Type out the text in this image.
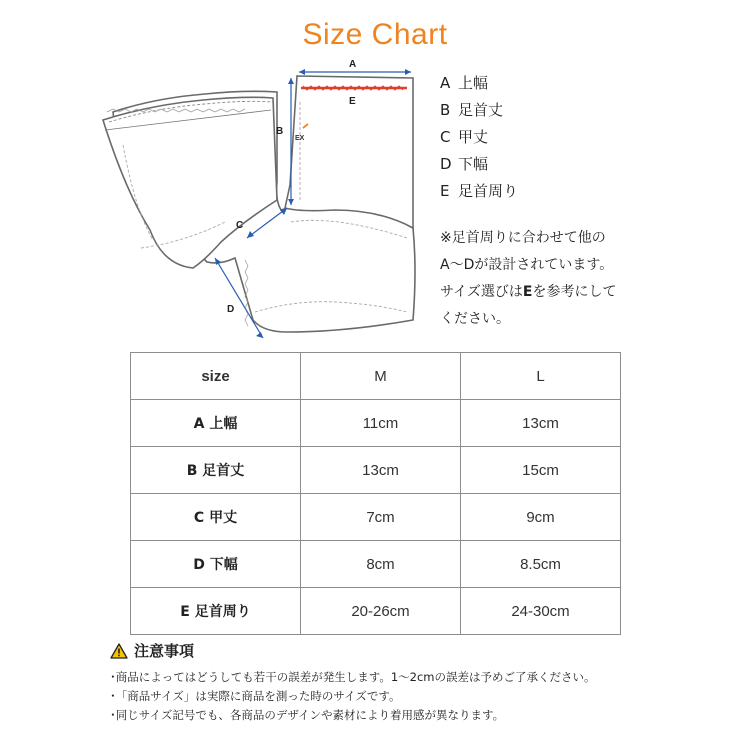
Size Chart
A
E
B
C
D
EX
A 上幅
B 足首丈
C 甲丈
D 下幅
E 足首周り
※足首周りに合わせて他の
A〜Dが設計されています。
サイズ選びはEを参考にして
ください。
size	M	L
A 上幅	11cm	13cm
B 足首丈	13cm	15cm
C 甲丈	7cm	9cm
D 下幅	8cm	8.5cm
E 足首周り	20-26cm	24-30cm
注意事項
･商品によってはどうしても若干の誤差が発生します。1〜2cmの誤差は予めご了承ください。
･「商品サイズ」は実際に商品を測った時のサイズです。
･同じサイズ記号でも、各商品のデザインや素材により着用感が異なります。
